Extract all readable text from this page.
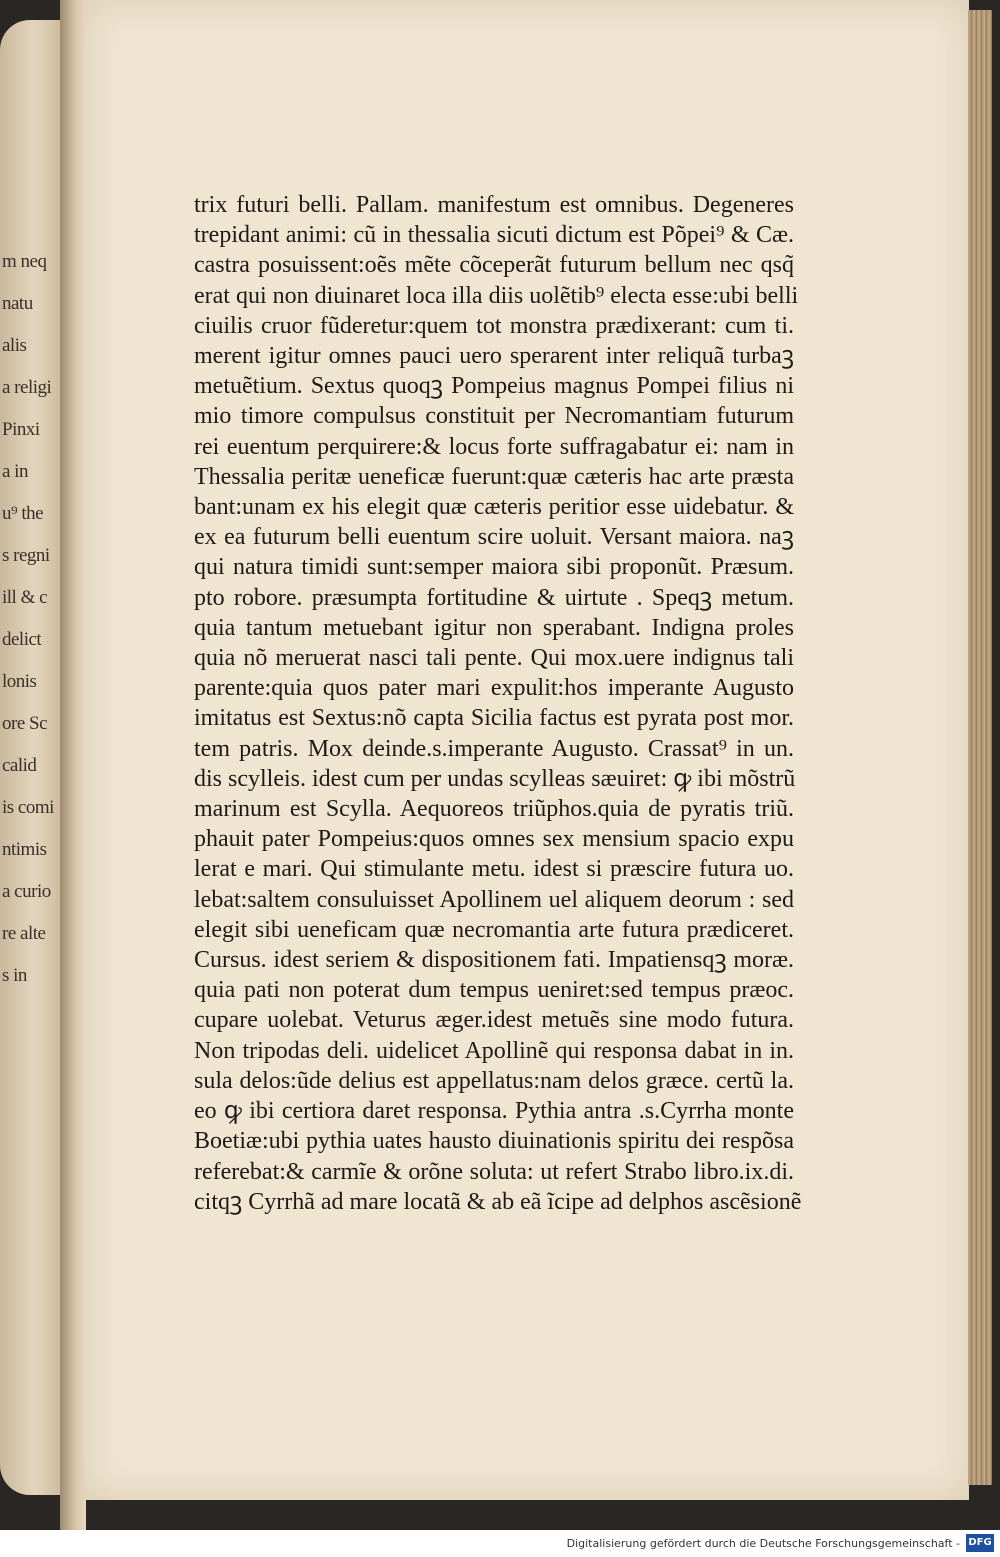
m neq
natu
alis
a religi
Pinxi
a in
u⁹ the
s regni
ill & c
delict
lonis
ore Sc
calid
is comi
ntimis
a curio
re alte
s in
trix futuri belli. Pallam. manifestum est omnibus. Degeneres
trepidant animi: cũ in thessalia sicuti dictum est Põpei⁹ & Cæ.
castra posuissent:oẽs mẽte cõceperãt futurum bellum nec qsq̃
erat qui non diuinaret loca illa diis uolẽtib⁹ electa esse:ubi belli
ciuilis cruor fũderetur:quem tot monstra prædixerant: cum ti.
merent igitur omnes pauci uero sperarent inter reliquã turbaꝫ
metuẽtium. Sextus quoqꝫ Pompeius magnus Pompei filius ni
mio timore compulsus constituit per Necromantiam futurum
rei euentum perquirere:& locus forte suffragabatur ei: nam in
Thessalia peritæ ueneficæ fuerunt:quæ cæteris hac arte præsta
bant:unam ex his elegit quæ cæteris peritior esse uidebatur. &
ex ea futurum belli euentum scire uoluit. Versant maiora. naꝫ
qui natura timidi sunt:semper maiora sibi proponũt. Præsum.
pto robore. præsumpta fortitudine & uirtute . Speqꝫ metum.
quia tantum metuebant igitur non sperabant. Indigna proles
quia nõ meruerat nasci tali pente. Qui mox.uere indignus tali
parente:quia quos pater mari expulit:hos imperante Augusto
imitatus est Sextus:nõ capta Sicilia factus est pyrata post mor.
tem patris. Mox deinde.s.imperante Augusto. Crassat⁹ in un.
dis scylleis. idest cum per undas scylleas sæuiret: ꝙ ibi mõstrũ
marinum est Scylla. Aequoreos triũphos.quia de pyratis triũ.
phauit pater Pompeius:quos omnes sex mensium spacio expu
lerat e mari. Qui stimulante metu. idest si præscire futura uo.
lebat:saltem consuluisset Apollinem uel aliquem deorum : sed
elegit sibi ueneficam quæ necromantia arte futura prædiceret.
Cursus. idest seriem & dispositionem fati. Impatiensqꝫ moræ.
quia pati non poterat dum tempus ueniret:sed tempus præoc.
cupare uolebat. Veturus æger.idest metuẽs sine modo futura.
Non tripodas deli. uidelicet Apollinẽ qui responsa dabat in in.
sula delos:ũde delius est appellatus:nam delos græce. certũ la.
eo ꝙ ibi certiora daret responsa. Pythia antra .s.Cyrrha monte
Boetiæ:ubi pythia uates hausto diuinationis spiritu dei respõsa
referebat:& carmĩe & orõne soluta: ut refert Strabo libro.ix.di.
citqꝫ Cyrrhã ad mare locatã & ab eã ĩcipe ad delphos ascẽsionẽ
Digitalisierung gefördert durch die Deutsche Forschungsgemeinschaft - DFG
